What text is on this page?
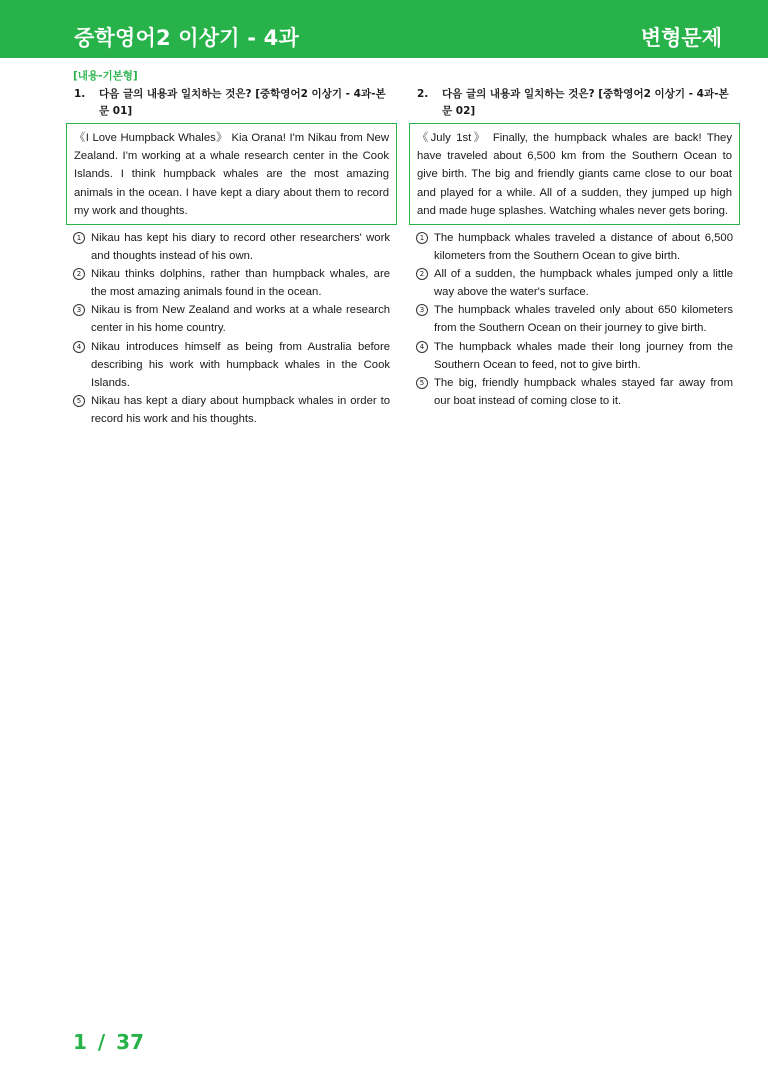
중학영어2 이상기 - 4과	변형문제
[내용-기본형]
1. 다음 글의 내용과 일치하는 것은? [중학영어2 이상기 - 4과-본문 01]
《I Love Humpback Whales》 Kia Orana! I'm Nikau from New Zealand. I'm working at a whale research center in the Cook Islands. I think humpback whales are the most amazing animals in the ocean. I have kept a diary about them to record my work and thoughts.
1 Nikau has kept his diary to record other researchers' work and thoughts instead of his own.
2 Nikau thinks dolphins, rather than humpback whales, are the most amazing animals found in the ocean.
3 Nikau is from New Zealand and works at a whale research center in his home country.
4 Nikau introduces himself as being from Australia before describing his work with humpback whales in the Cook Islands.
5 Nikau has kept a diary about humpback whales in order to record his work and his thoughts.
2. 다음 글의 내용과 일치하는 것은? [중학영어2 이상기 - 4과-본문 02]
《July 1st》 Finally, the humpback whales are back! They have traveled about 6,500 km from the Southern Ocean to give birth. The big and friendly giants came close to our boat and played for a while. All of a sudden, they jumped up high and made huge splashes. Watching whales never gets boring.
1 The humpback whales traveled a distance of about 6,500 kilometers from the Southern Ocean to give birth.
2 All of a sudden, the humpback whales jumped only a little way above the water's surface.
3 The humpback whales traveled only about 650 kilometers from the Southern Ocean on their journey to give birth.
4 The humpback whales made their long journey from the Southern Ocean to feed, not to give birth.
5 The big, friendly humpback whales stayed far away from our boat instead of coming close to it.
1 / 37
